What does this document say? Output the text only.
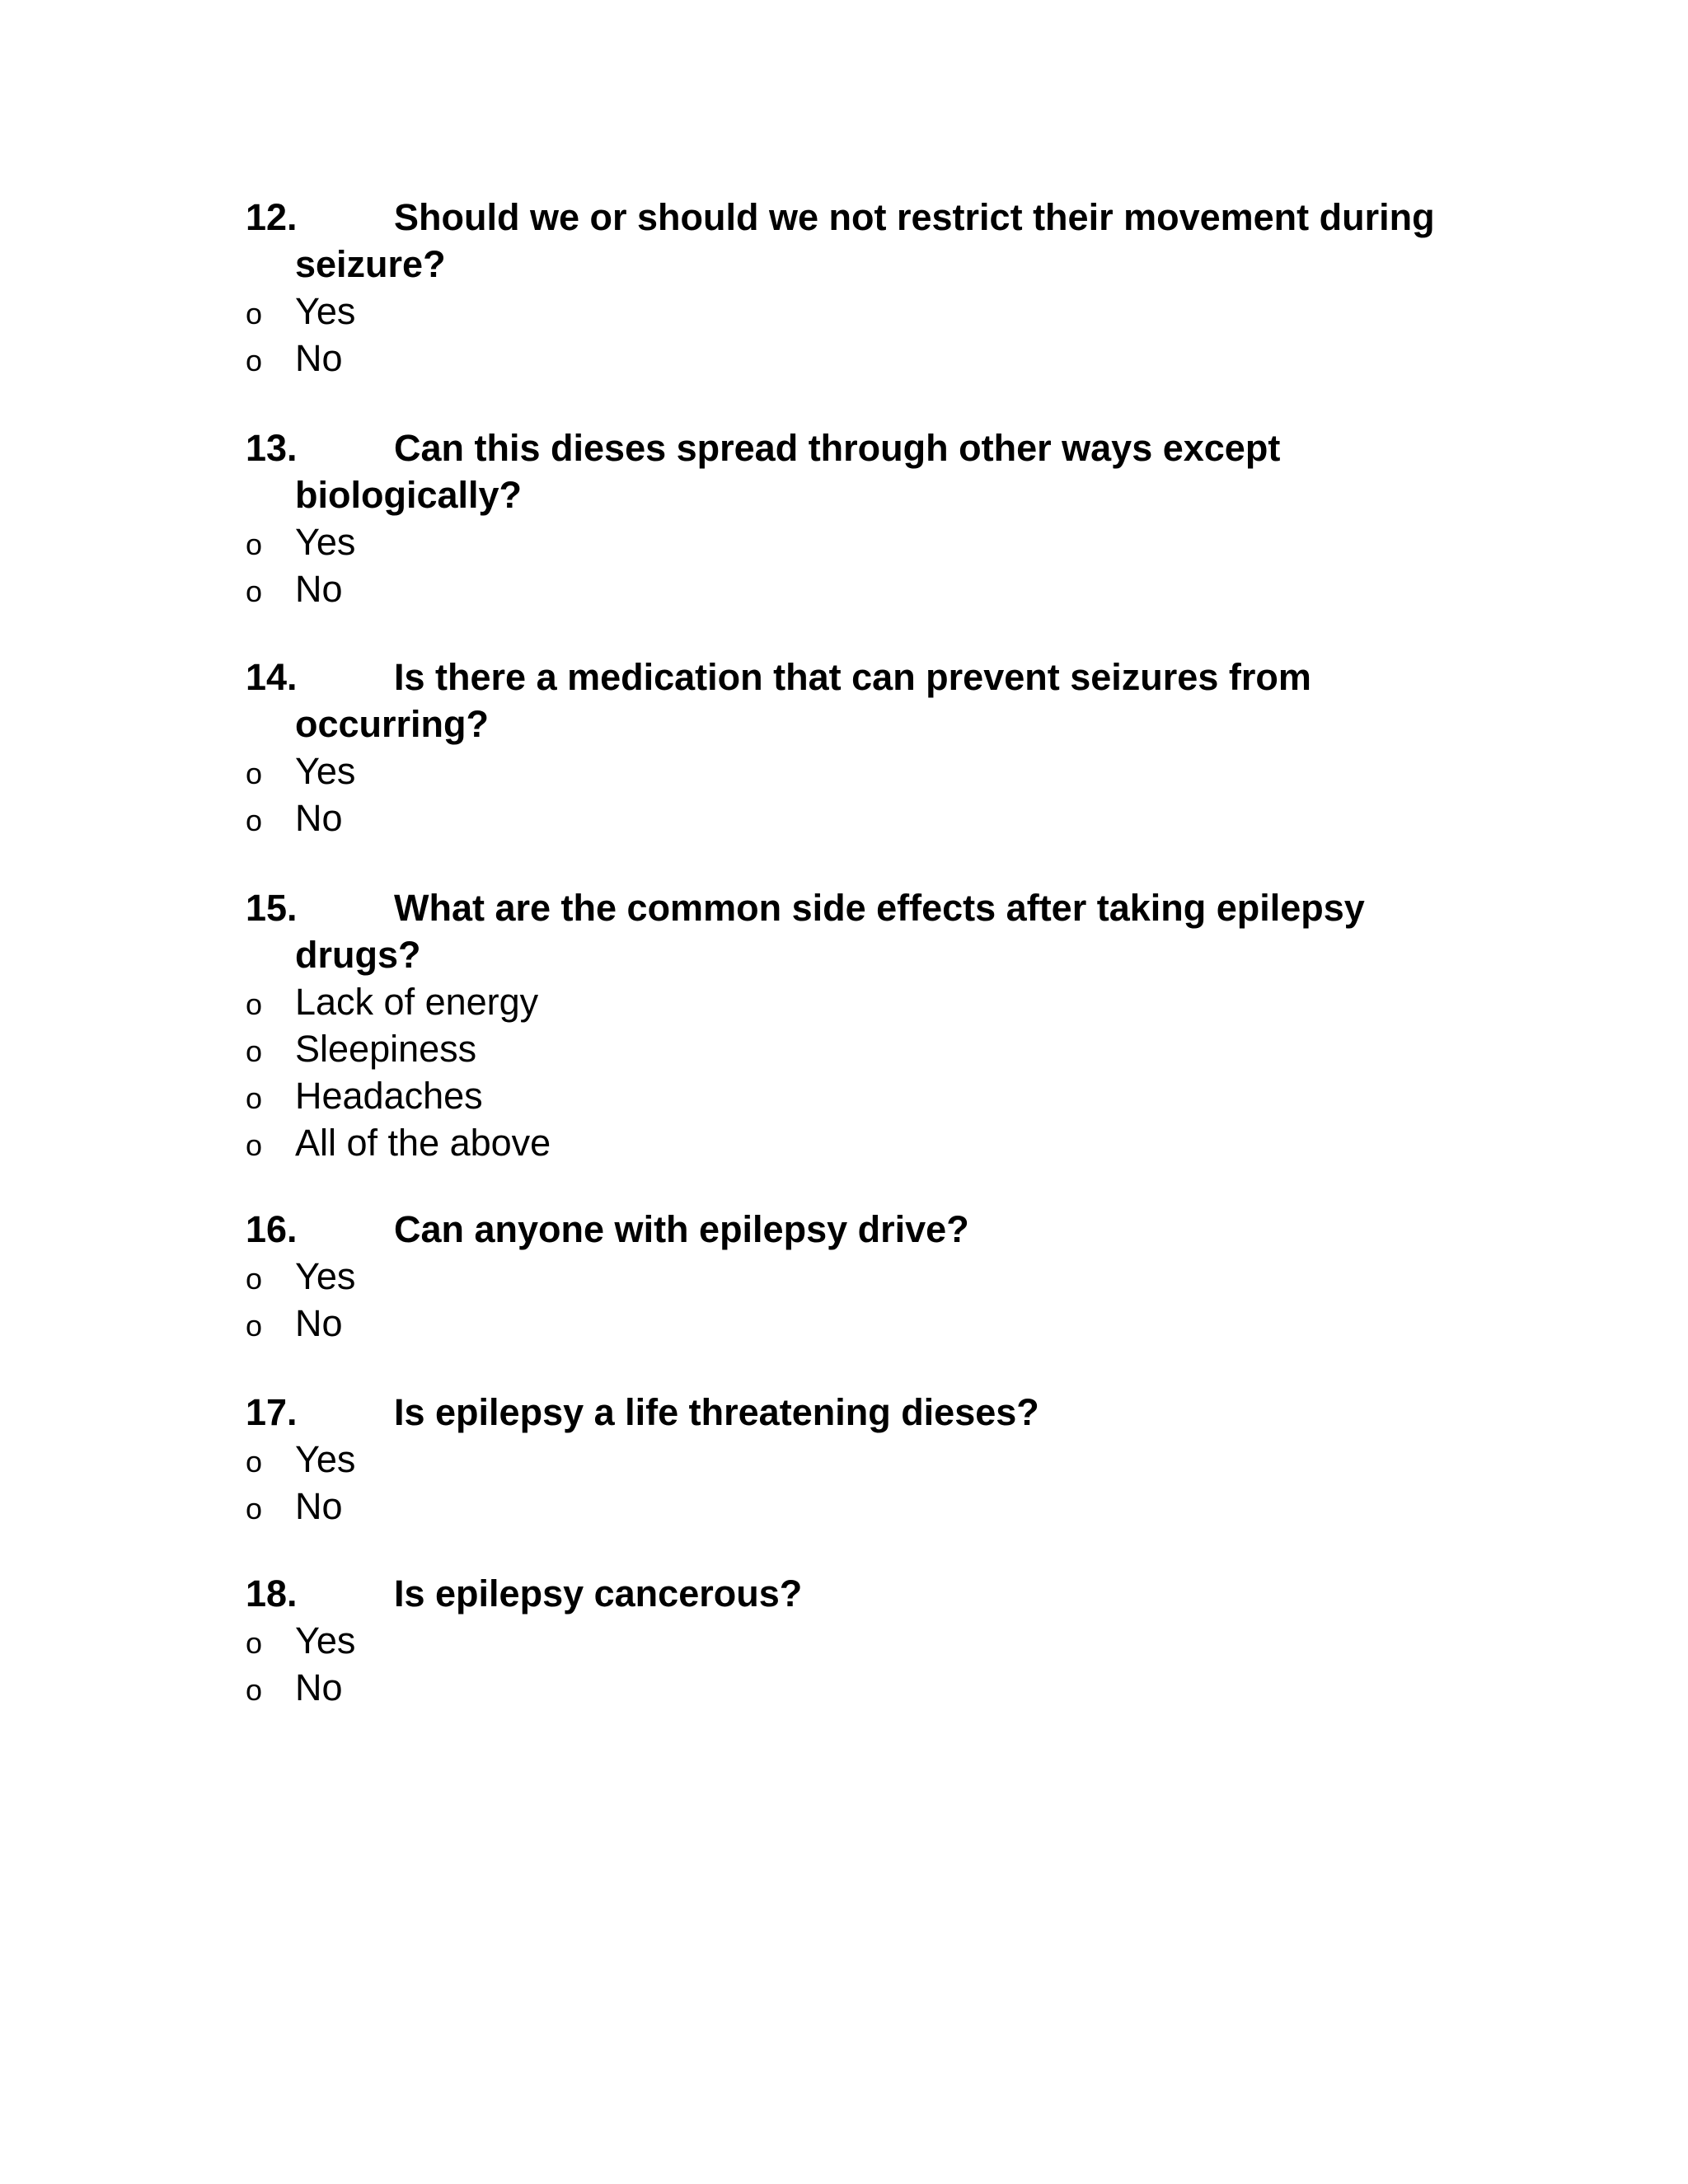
12.	Should we or should we not restrict their movement during
seizure?
o Yes
o No
13.	Can this dieses spread through other ways except
biologically?
o Yes
o No
14.	Is there a medication that can prevent seizures from
occurring?
o Yes
o No
15.	What are the common side effects after taking epilepsy
drugs?
o Lack of energy
o Sleepiness
o Headaches
o All of the above
16.	Can anyone with epilepsy drive?
o Yes
o No
17.	Is epilepsy a life threatening dieses?
o Yes
o No
18.	Is epilepsy cancerous?
o Yes
o No
